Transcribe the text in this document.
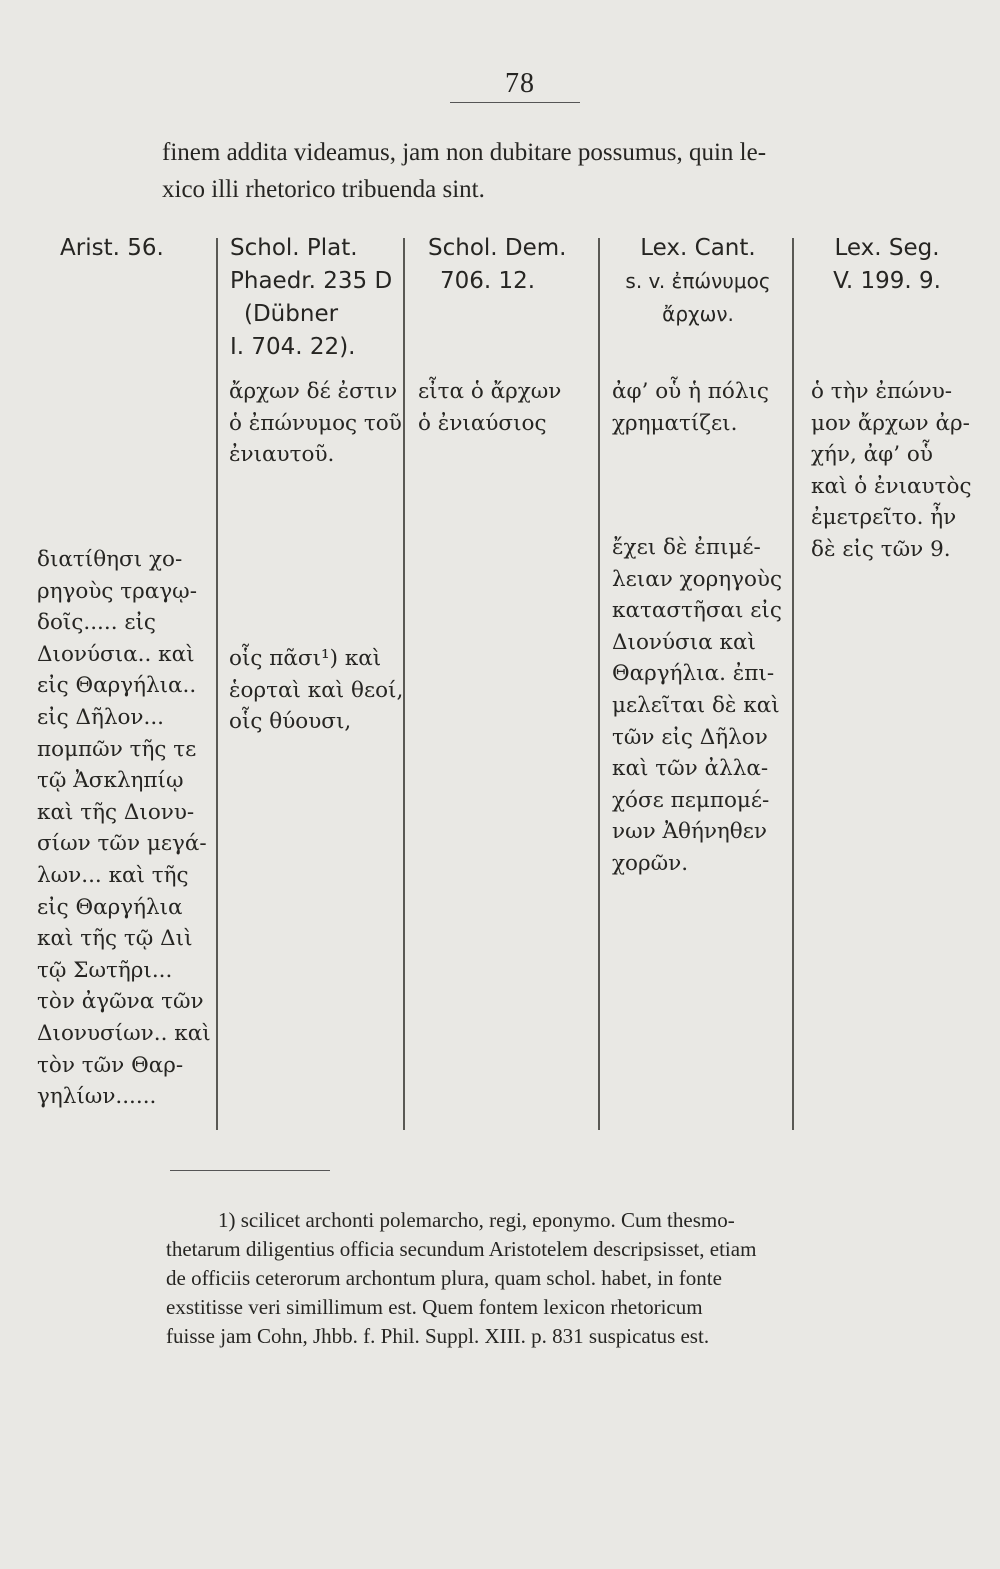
78
finem addita videamus, jam non dubitare possumus, quin le-
xico illi rhetorico tribuenda sint.

Arist. 56.

διατίθησι χο-
ρηγοὺς τραγῳ-
δοῖς..... εἰς
Διονύσια.. καὶ
εἰς Θαργήλια..
εἰς Δῆλον...
πομπῶν τῆς τε
τῷ Ἀσκληπίῳ
καὶ τῆς Διονυ-
σίων τῶν μεγά-
λων... καὶ τῆς
εἰς Θαργήλια
καὶ τῆς τῷ Διὶ
τῷ Σωτῆρι...
τὸν ἀγῶνα τῶν
Διονυσίων.. καὶ
τὸν τῶν Θαρ-
γηλίων......

Schol. Plat.

Phaedr. 235 D

(Dübner

I. 704. 22).

ἄρχων δέ ἐστιν
ὁ ἐπώνυμος τοῦ
ἐνιαυτοῦ.
οἷς πᾶσι¹) καὶ
ἑορταὶ καὶ θεοί,
οἷς θύουσι,

Schol. Dem.

706. 12.

εἶτα ὁ ἄρχων
ὁ ἐνιαύσιος

Lex. Cant.

s. v. ἐπώνυμος

ἄρχων.

ἀφ’ οὗ ἡ πόλις
χρηματίζει.
ἔχει δὲ ἐπιμέ-
λειαν χορηγοὺς
καταστῆσαι εἰς
Διονύσια καὶ
Θαργήλια. ἐπι-
μελεῖται δὲ καὶ
τῶν εἰς Δῆλον
καὶ τῶν ἀλλα-
χόσε πεμπομέ-
νων Ἀθήνηθεν
χορῶν.

Lex. Seg.

V. 199. 9.

ὁ τὴν ἐπώνυ-
μον ἄρχων ἀρ-
χήν, ἀφ’ οὗ
καὶ ὁ ἐνιαυτὸς
ἐμετρεῖτο. ἦν
δὲ εἰς τῶν 9.
1) scilicet archonti polemarcho, regi, eponymo. Cum thesmo-
thetarum diligentius officia secundum Aristotelem descripsisset, etiam
de officiis ceterorum archontum plura, quam schol. habet, in fonte
exstitisse veri simillimum est. Quem fontem lexicon rhetoricum
fuisse jam Cohn, Jhbb. f. Phil. Suppl. XIII. p. 831 suspicatus est.
